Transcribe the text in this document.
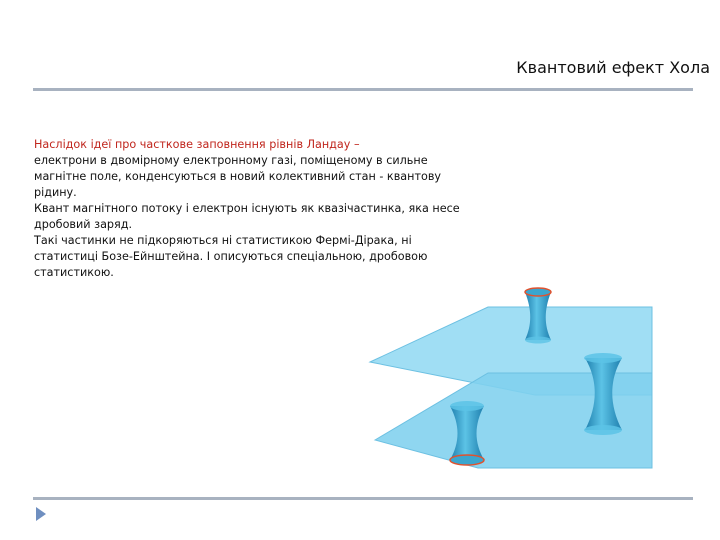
Квантовий ефект Хола
Наслідок ідеї про часткове заповнення рівнів Ландау –
електрони в двомірному електронному газі, поміщеному в сильне
магнітне поле, конденсуються в новий колективний стан - квантову
рідину.
Квант магнітного потоку і електрон існують як квазічастинка, яка несе
дробовий заряд.
Такі частинки не підкоряються ні статистикою Фермі-Дірака, ні
статистиці Бозе-Ейнштейна. І описуються спеціальною, дробовою
статистикою.
